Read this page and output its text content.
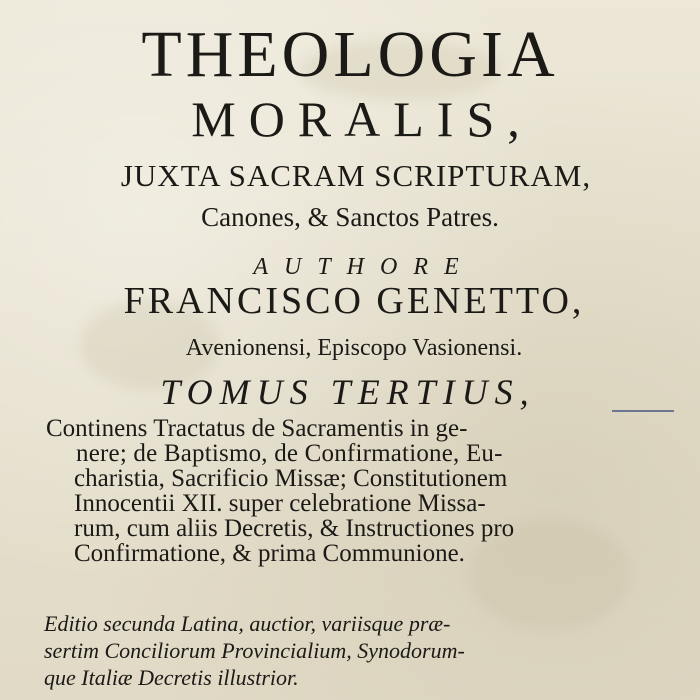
THEOLOGIA
MORALIS,
JUXTA SACRAM SCRIPTURAM,
Canones, & Sanctos Patres.
AUTHORE
FRANCISCO GENETTO,
Avenionensi, Episcopo Vasionensi.
TOMUS TERTIUS,
Continens Tractatus de Sacramentis in ge-
nere; de Baptismo, de Confirmatione, Eu-
charistia, Sacrificio Missæ; Constitutionem
Innocentii XII. super celebratione Missa-
rum, cum aliis Decretis, & Instructiones pro
Confirmatione, & prima Communione.
Editio secunda Latina, auctior, variisque præ-
sertim Conciliorum Provincialium, Synodorum-
que Italiæ Decretis illustrior.
